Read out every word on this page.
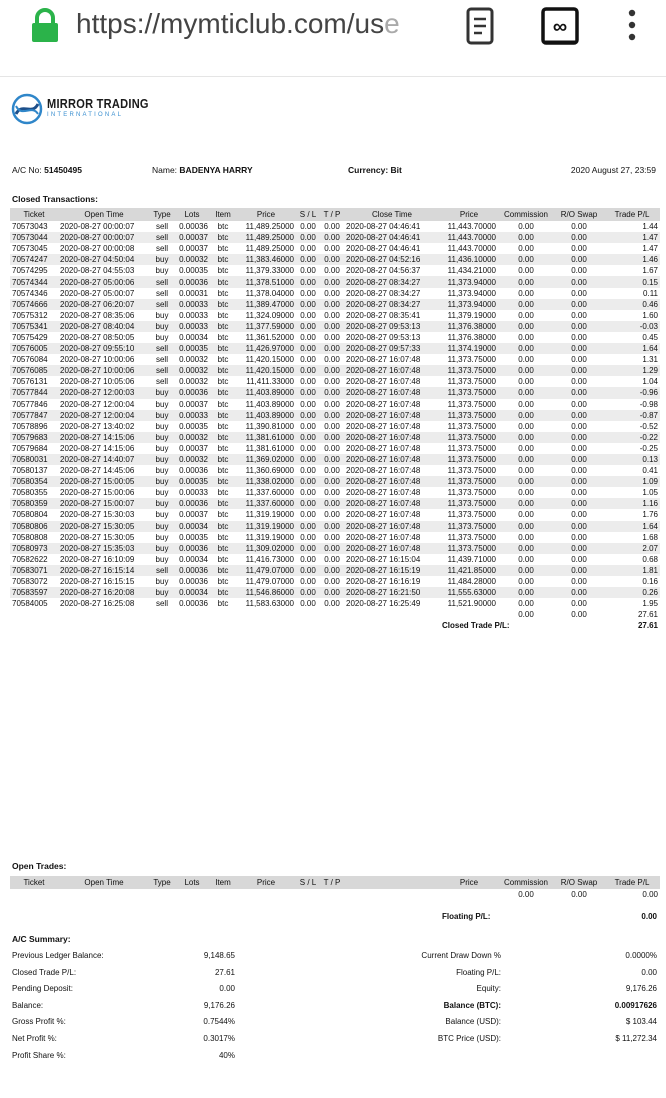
https://mymticlub.com/use	∞
MIRROR TRADING
INTERNATIONAL
A/C No: 51450495	Name: BADENYA HARRY	Currency: Bit	2020 August 27, 23:59
Closed Transactions:
Ticket	Open Time	Type	Lots	Item	Price	S / L	T / P	Close Time	Price	Commission	R/O Swap	Trade P/L
70573043	2020-08-27 00:00:07	sell	0.00036	btc	11,489.25000	0.00	0.00	2020-08-27 04:46:41	11,443.70000	0.00	0.00	1.44
70573044	2020-08-27 00:00:07	sell	0.00037	btc	11,489.25000	0.00	0.00	2020-08-27 04:46:41	11,443.70000	0.00	0.00	1.47
70573045	2020-08-27 00:00:08	sell	0.00037	btc	11,489.25000	0.00	0.00	2020-08-27 04:46:41	11,443.70000	0.00	0.00	1.47
70574247	2020-08-27 04:50:04	buy	0.00032	btc	11,383.46000	0.00	0.00	2020-08-27 04:52:16	11,436.10000	0.00	0.00	1.46
70574295	2020-08-27 04:55:03	buy	0.00035	btc	11,379.33000	0.00	0.00	2020-08-27 04:56:37	11,434.21000	0.00	0.00	1.67
70574344	2020-08-27 05:00:06	sell	0.00036	btc	11,378.51000	0.00	0.00	2020-08-27 08:34:27	11,373.94000	0.00	0.00	0.15
70574346	2020-08-27 05:00:07	sell	0.00031	btc	11,378.04000	0.00	0.00	2020-08-27 08:34:27	11,373.94000	0.00	0.00	0.11
70574666	2020-08-27 06:20:07	sell	0.00033	btc	11,389.47000	0.00	0.00	2020-08-27 08:34:27	11,373.94000	0.00	0.00	0.46
70575312	2020-08-27 08:35:06	buy	0.00033	btc	11,324.09000	0.00	0.00	2020-08-27 08:35:41	11,379.19000	0.00	0.00	1.60
70575341	2020-08-27 08:40:04	buy	0.00033	btc	11,377.59000	0.00	0.00	2020-08-27 09:53:13	11,376.38000	0.00	0.00	-0.03
70575429	2020-08-27 08:50:05	buy	0.00034	btc	11,361.52000	0.00	0.00	2020-08-27 09:53:13	11,376.38000	0.00	0.00	0.45
70576005	2020-08-27 09:55:10	sell	0.00035	btc	11,426.97000	0.00	0.00	2020-08-27 09:57:33	11,374.19000	0.00	0.00	1.64
70576084	2020-08-27 10:00:06	sell	0.00032	btc	11,420.15000	0.00	0.00	2020-08-27 16:07:48	11,373.75000	0.00	0.00	1.31
70576085	2020-08-27 10:00:06	sell	0.00032	btc	11,420.15000	0.00	0.00	2020-08-27 16:07:48	11,373.75000	0.00	0.00	1.29
70576131	2020-08-27 10:05:06	sell	0.00032	btc	11,411.33000	0.00	0.00	2020-08-27 16:07:48	11,373.75000	0.00	0.00	1.04
70577844	2020-08-27 12:00:03	buy	0.00036	btc	11,403.89000	0.00	0.00	2020-08-27 16:07:48	11,373.75000	0.00	0.00	-0.96
70577846	2020-08-27 12:00:04	buy	0.00037	btc	11,403.89000	0.00	0.00	2020-08-27 16:07:48	11,373.75000	0.00	0.00	-0.98
70577847	2020-08-27 12:00:04	buy	0.00033	btc	11,403.89000	0.00	0.00	2020-08-27 16:07:48	11,373.75000	0.00	0.00	-0.87
70578896	2020-08-27 13:40:02	buy	0.00035	btc	11,390.81000	0.00	0.00	2020-08-27 16:07:48	11,373.75000	0.00	0.00	-0.52
70579683	2020-08-27 14:15:06	buy	0.00032	btc	11,381.61000	0.00	0.00	2020-08-27 16:07:48	11,373.75000	0.00	0.00	-0.22
70579684	2020-08-27 14:15:06	buy	0.00037	btc	11,381.61000	0.00	0.00	2020-08-27 16:07:48	11,373.75000	0.00	0.00	-0.25
70580031	2020-08-27 14:40:07	buy	0.00032	btc	11,369.02000	0.00	0.00	2020-08-27 16:07:48	11,373.75000	0.00	0.00	0.13
70580137	2020-08-27 14:45:06	buy	0.00036	btc	11,360.69000	0.00	0.00	2020-08-27 16:07:48	11,373.75000	0.00	0.00	0.41
70580354	2020-08-27 15:00:05	buy	0.00035	btc	11,338.02000	0.00	0.00	2020-08-27 16:07:48	11,373.75000	0.00	0.00	1.09
70580355	2020-08-27 15:00:06	buy	0.00033	btc	11,337.60000	0.00	0.00	2020-08-27 16:07:48	11,373.75000	0.00	0.00	1.05
70580359	2020-08-27 15:00:07	buy	0.00036	btc	11,337.60000	0.00	0.00	2020-08-27 16:07:48	11,373.75000	0.00	0.00	1.16
70580804	2020-08-27 15:30:03	buy	0.00037	btc	11,319.19000	0.00	0.00	2020-08-27 16:07:48	11,373.75000	0.00	0.00	1.76
70580806	2020-08-27 15:30:05	buy	0.00034	btc	11,319.19000	0.00	0.00	2020-08-27 16:07:48	11,373.75000	0.00	0.00	1.64
70580808	2020-08-27 15:30:05	buy	0.00035	btc	11,319.19000	0.00	0.00	2020-08-27 16:07:48	11,373.75000	0.00	0.00	1.68
70580973	2020-08-27 15:35:03	buy	0.00036	btc	11,309.02000	0.00	0.00	2020-08-27 16:07:48	11,373.75000	0.00	0.00	2.07
70582622	2020-08-27 16:10:09	buy	0.00034	btc	11,416.73000	0.00	0.00	2020-08-27 16:15:04	11,439.71000	0.00	0.00	0.68
70583071	2020-08-27 16:15:14	sell	0.00036	btc	11,479.07000	0.00	0.00	2020-08-27 16:15:19	11,421.85000	0.00	0.00	1.81
70583072	2020-08-27 16:15:15	buy	0.00036	btc	11,479.07000	0.00	0.00	2020-08-27 16:16:19	11,484.28000	0.00	0.00	0.16
70583597	2020-08-27 16:20:08	buy	0.00034	btc	11,546.86000	0.00	0.00	2020-08-27 16:21:50	11,555.63000	0.00	0.00	0.26
70584005	2020-08-27 16:25:08	sell	0.00036	btc	11,583.63000	0.00	0.00	2020-08-27 16:25:49	11,521.90000	0.00	0.00	1.95
										0.00	0.00	27.61
									Closed Trade P/L:			27.61
Open Trades:
Ticket	Open Time	Type	Lots	Item	Price	S / L	T / P		Price	Commission	R/O Swap	Trade P/L
										0.00	0.00	0.00
Floating P/L:	0.00
A/C Summary:
Previous Ledger Balance:	9,148.65
Closed Trade P/L:	27.61
Pending Deposit:	0.00
Balance:	9,176.26
Gross Profit %:	0.7544%
Net Profit %:	0.3017%
Profit Share %:	40%
Current Draw Down %	0.0000%
Floating P/L:	0.00
Equity:	9,176.26
Balance (BTC):	0.00917626
Balance (USD):	$ 103.44
BTC Price (USD):	$ 11,272.34
